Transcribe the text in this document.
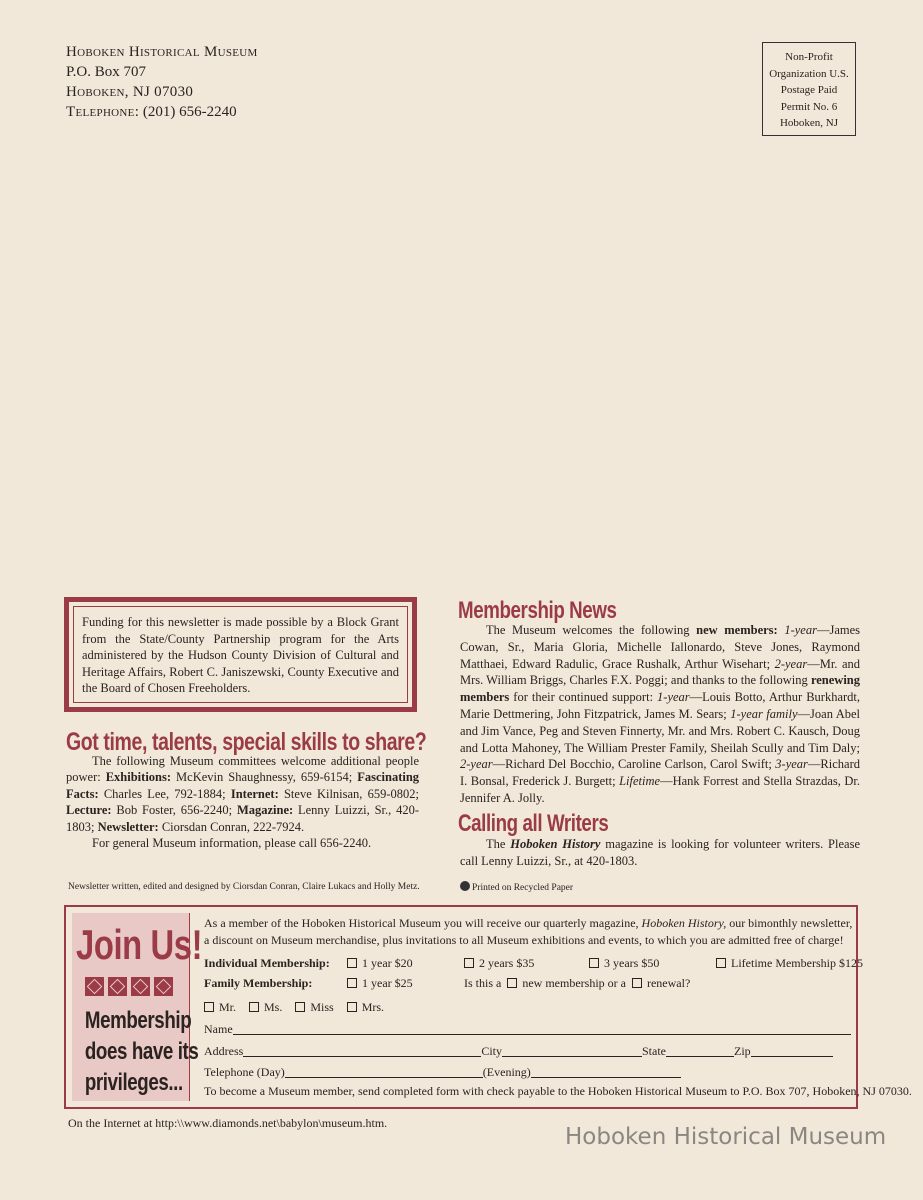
Hoboken Historical Museum
P.O. Box 707
Hoboken, NJ 07030
Telephone: (201) 656-2240
Non-Profit
Organization U.S.
Postage Paid
Permit No. 6
Hoboken, NJ
Funding for this newsletter is made possible by a Block Grant from the State/County Partnership program for the Arts administered by the Hudson County Division of Cultural and Heritage Affairs, Robert C. Janiszewski, County Executive and the Board of Chosen Freeholders.
Got time, talents, special skills to share?

The following Museum committees welcome additional people power: Exhibitions: McKevin Shaughnessy, 659-6154; Fascinating Facts: Charles Lee, 792-1884; Internet: Steve Kilnisan, 659-0802; Lecture: Bob Foster, 656-2240; Magazine: Lenny Luizzi, Sr., 420-1803; Newsletter: Ciorsdan Conran, 222-7924.

For general Museum information, please call 656-2240.

Newsletter written, edited and designed by Ciorsdan Conran, Claire Lukacs and Holly Metz.
Membership News

The Museum welcomes the following new members: 1-year—James Cowan, Sr., Maria Gloria, Michelle Iallonardo, Steve Jones, Raymond Matthaei, Edward Radulic, Grace Rushalk, Arthur Wisehart; 2-year—Mr. and Mrs. William Briggs, Charles F.X. Poggi; and thanks to the following renewing members for their continued support: 1-year—Louis Botto, Arthur Burkhardt, Marie Dettmering, John Fitzpatrick, James M. Sears; 1-year family—Joan Abel and Jim Vance, Peg and Steven Finnerty, Mr. and Mrs. Robert C. Kausch, Doug and Lotta Mahoney, The William Prester Family, Sheilah Scully and Tim Daly; 2-year—Richard Del Bocchio, Caroline Carlson, Carol Swift; 3-year—Richard I. Bonsal, Frederick J. Burgett; Lifetime—Hank Forrest and Stella Strazdas, Dr. Jennifer A. Jolly.

Calling all Writers

The Hoboken History magazine is looking for volunteer writers. Please call Lenny Luizzi, Sr., at 420-1803.

Printed on Recycled Paper
Join Us!
Membership
does have its
privileges...
As a member of the Hoboken Historical Museum you will receive our quarterly magazine, Hoboken History, our bimonthly newsletter, a discount on Museum merchandise, plus invitations to all Museum exhibitions and events, to which you are admitted free of charge!
Individual Membership:	1 year $20	2 years $35	3 years $50	Lifetime Membership $125
Family Membership:	1 year $25	Is this a new membership or a renewal?
Mr. Ms. Miss Mrs.
Name
Address	City	State	Zip
Telephone (Day)	(Evening)
To become a Museum member, send completed form with check payable to the Hoboken Historical Museum to P.O. Box 707, Hoboken, NJ 07030.
On the Internet at http:\\www.diamonds.net\babylon\museum.htm.
Hoboken Historical Museum
